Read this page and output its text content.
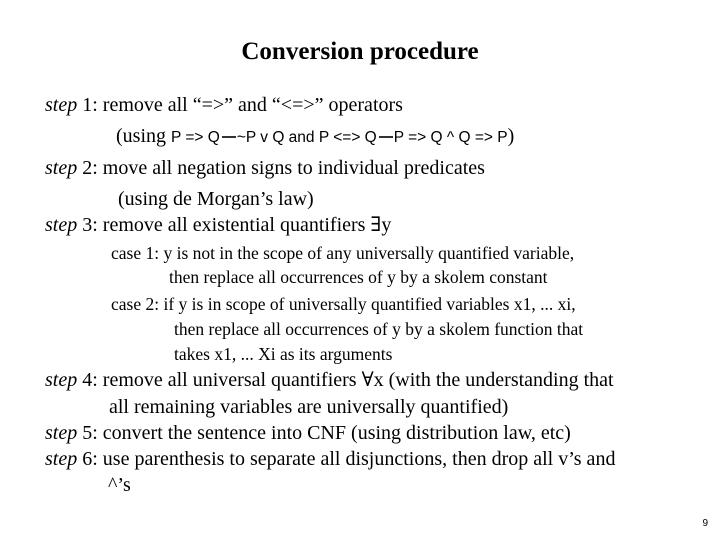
Conversion procedure
step 1: remove all “=>” and “<=>” operators
(using P => Q ~P v Q and P <=> Q P => Q ^ Q => P)
step 2: move all negation signs to individual predicates
(using de Morgan’s law)
step 3: remove all existential quantifiers ∃y
case 1: y is not in the scope of any universally quantified variable,
then replace all occurrences of y by a skolem constant
case 2: if y is in scope of universally quantified variables x1, ... xi,
then replace all occurrences of y by a skolem function that
takes x1, ... Xi as its arguments
step 4: remove all universal quantifiers ∀x (with the understanding that
all remaining variables are universally quantified)
step 5: convert the sentence into CNF (using distribution law, etc)
step 6: use parenthesis to separate all disjunctions, then drop all v’s and
^’s
9
